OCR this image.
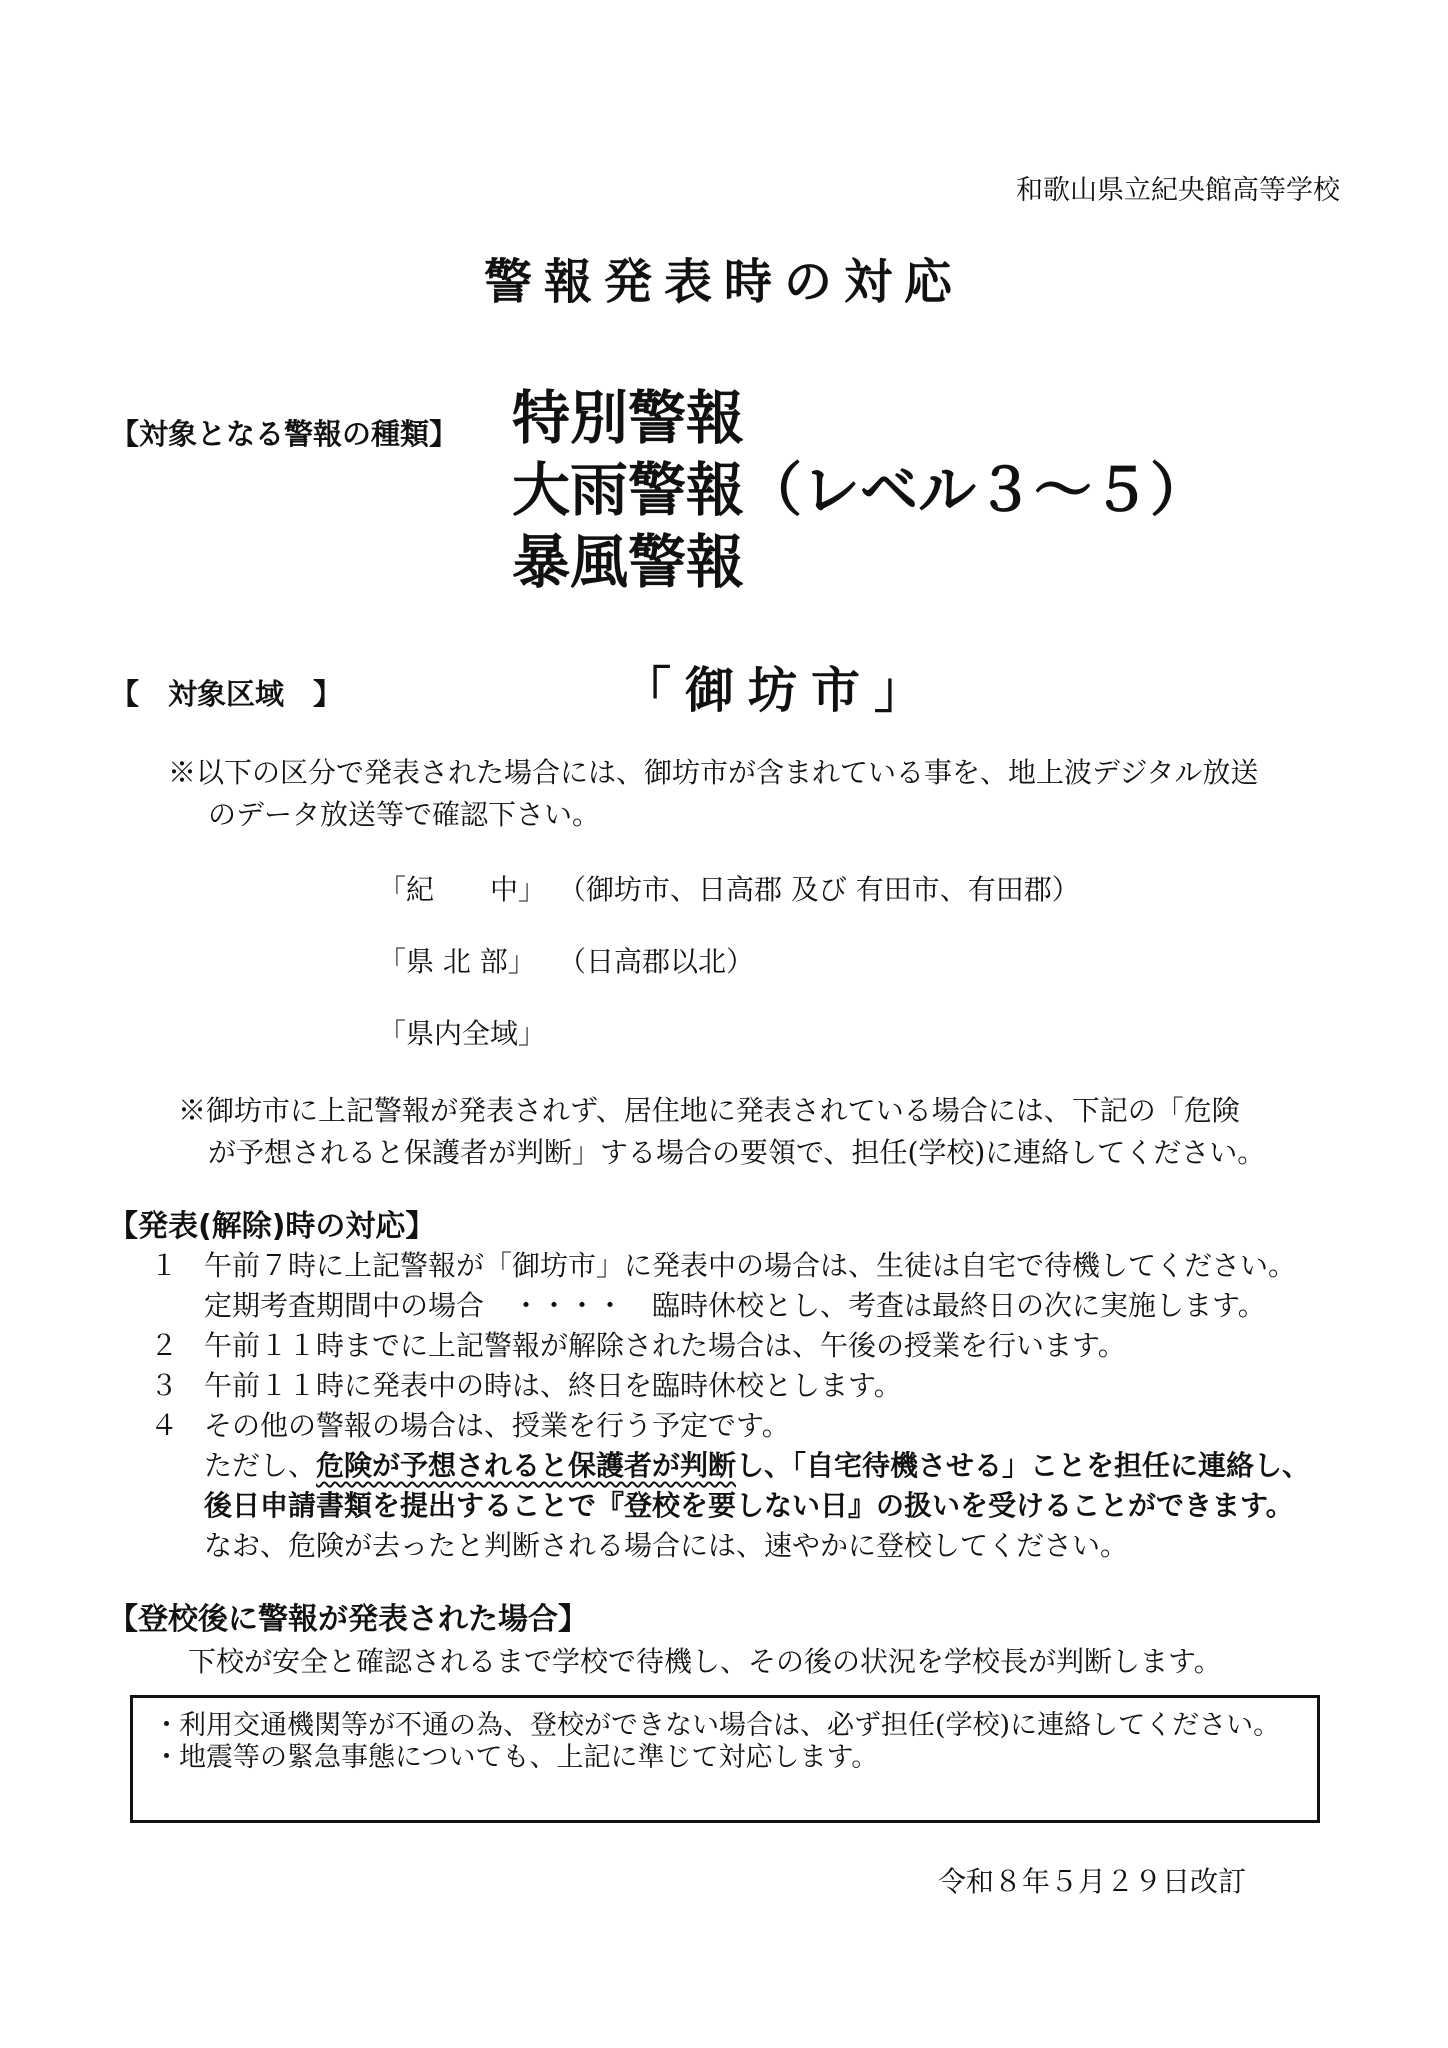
和歌山県立紀央館高等学校
警報発表時の対応
【対象となる警報の種類】 特別警報
大雨警報（レベル３～５）
暴風警報
【　対象区域　】	「御坊市」
※以下の区分で発表された場合には、御坊市が含まれている事を、地上波デジタル放送
のデータ放送等で確認下さい。
「紀　　中」 （御坊市、日高郡 及び 有田市、有田郡）
「県 北 部」 （日高郡以北）
「県内全域」
※御坊市に上記警報が発表されず、居住地に発表されている場合には、下記の「危険
が予想されると保護者が判断」する場合の要領で、担任(学校)に連絡してください。
【発表(解除)時の対応】
１ 午前７時に上記警報が「御坊市」に発表中の場合は、生徒は自宅で待機してください。
定期考査期間中の場合　・・・・　臨時休校とし、考査は最終日の次に実施します。
２ 午前１１時までに上記警報が解除された場合は、午後の授業を行います。
３ 午前１１時に発表中の時は、終日を臨時休校とします。
４ その他の警報の場合は、授業を行う予定です。
ただし、危険が予想されると保護者が判断し、「自宅待機させる」ことを担任に連絡し、
後日申請書類を提出することで『登校を要しない日』の扱いを受けることができます。
なお、危険が去ったと判断される場合には、速やかに登校してください。
【登校後に警報が発表された場合】
下校が安全と確認されるまで学校で待機し、その後の状況を学校長が判断します。
・ 利用交通機関等が不通の為、登校ができない場合は、必ず担任(学校)に連絡してください。
・ 地震等の緊急事態についても、上記に準じて対応します。
令和８年５月２９日改訂
